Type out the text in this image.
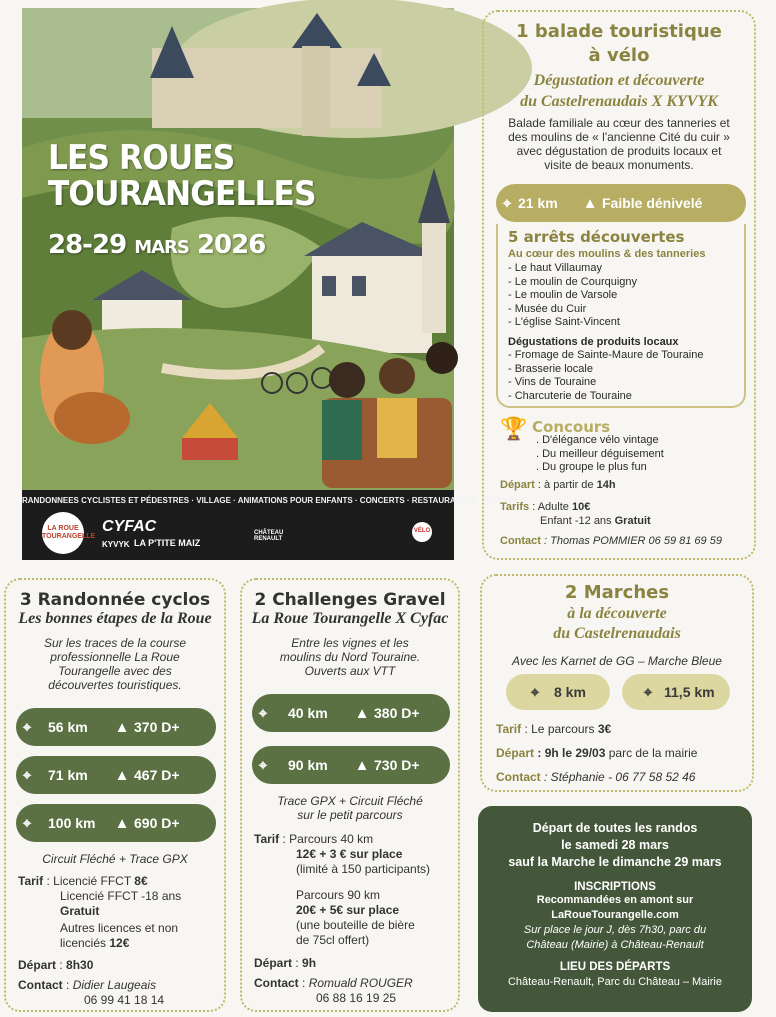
LES ROUES
TOURANGELLES
28-29 MARS 2026
RANDONNEES CYCLISTES ET PÉDESTRES · VILLAGE · ANIMATIONS POUR ENFANTS · CONCERTS · RESTAURATION · FESTIVAL
LA ROUE TOURANGELLE
CYFAC
KYVYK LA P'TITE MAIZ
CHÂTEAU RENAULT
VÉLO
1 balade touristique
à vélo
Dégustation et découverte
du Castelrenaudais X KYVYK
Balade familiale au cœur des tanneries et
des moulins de « l'ancienne Cité du cuir »
avec dégustation de produits locaux et
visite de beaux monuments.
⌖ 21 km	▲ Faible dénivelé
5 arrêts découvertes
Au cœur des moulins & des tanneries
- Le haut Villaumay
- Le moulin de Courquigny
- Le moulin de Varsole
- Musée du Cuir
- L'église Saint-Vincent
Dégustations de produits locaux
- Fromage de Sainte-Maure de Touraine
- Brasserie locale
- Vins de Touraine
- Charcuterie de Touraine
🏆 Concours
. D'élégance vélo vintage
. Du meilleur déguisement
. Du groupe le plus fun
Départ : à partir de 14h
Tarifs : Adulte 10€
Enfant -12 ans Gratuit
Contact : Thomas POMMIER 06 59 81 69 59
3 Randonnée cyclos
Les bonnes étapes de la Roue
Sur les traces de la course
professionnelle La Roue
Tourangelle avec des
découvertes touristiques.
⌖	56 km	▲ 370 D+
⌖	71 km	▲ 467 D+
⌖	100 km	▲ 690 D+
Circuit Fléché + Trace GPX
Tarif : Licencié FFCT 8€
Licencié FFCT -18 ans
Gratuit
Autres licences et non
licenciés 12€
Départ : 8h30
Contact : Didier Laugeais
06 99 41 18 14
2 Challenges Gravel
La Roue Tourangelle X Cyfac
Entre les vignes et les
moulins du Nord Touraine.
Ouverts aux VTT
⌖	40 km	▲ 380 D+
⌖	90 km	▲ 730 D+
Trace GPX + Circuit Fléché
sur le petit parcours
Tarif : Parcours 40 km
12€ + 3 € sur place
(limité à 150 participants)
Parcours 90 km
20€ + 5€ sur place
(une bouteille de bière
de 75cl offert)
Départ : 9h
Contact : Romuald ROUGER
06 88 16 19 25
2 Marches
à la découverte
du Castelrenaudais
Avec les Karnet de GG – Marche Bleue
⌖	8 km	⌖ 11,5 km
Tarif : Le parcours 3€
Départ : 9h le 29/03 parc de la mairie
Contact : Stéphanie - 06 77 58 52 46
Départ de toutes les randos
le samedi 28 mars
sauf la Marche le dimanche 29 mars
INSCRIPTIONS
Recommandées en amont sur
LaRoueTourangelle.com
Sur place le jour J, dès 7h30, parc du
Château (Mairie) à Château-Renault
LIEU DES DÉPARTS
Château-Renault, Parc du Château – Mairie
